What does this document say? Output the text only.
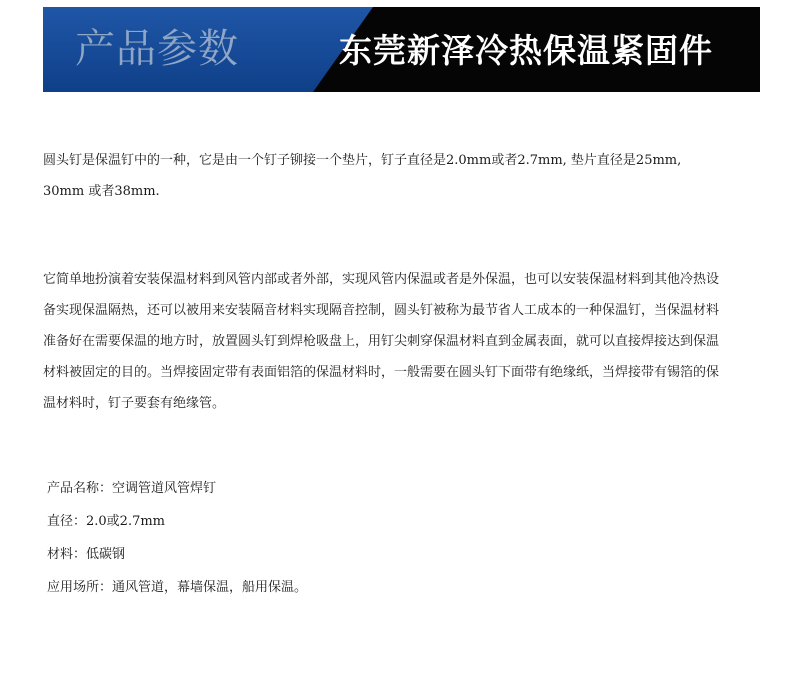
产品参数	东莞新泽冷热保温紧固件

圆头钉是保温钉中的一种，它是由一个钉子铆接一个垫片，钉子直径是2.0mm或者2.7mm, 垫片直径是25mm, 30mm 或者38mm.

它简单地扮演着安装保温材料到风管内部或者外部，实现风管内保温或者是外保温，也可以安装保温材料到其他冷热设备实现保温隔热，还可以被用来安装隔音材料实现隔音控制，圆头钉被称为最节省人工成本的一种保温钉，当保温材料准备好在需要保温的地方时，放置圆头钉到焊枪吸盘上，用钉尖刺穿保温材料直到金属表面，就可以直接焊接达到保温材料被固定的目的。当焊接固定带有表面铝箔的保温材料时，一般需要在圆头钉下面带有绝缘纸，当焊接带有锡箔的保温材料时，钉子要套有绝缘管。

产品名称：空调管道风管焊钉
直径：2.0或2.7mm
材料：低碳钢
应用场所：通风管道，幕墙保温，船用保温。
